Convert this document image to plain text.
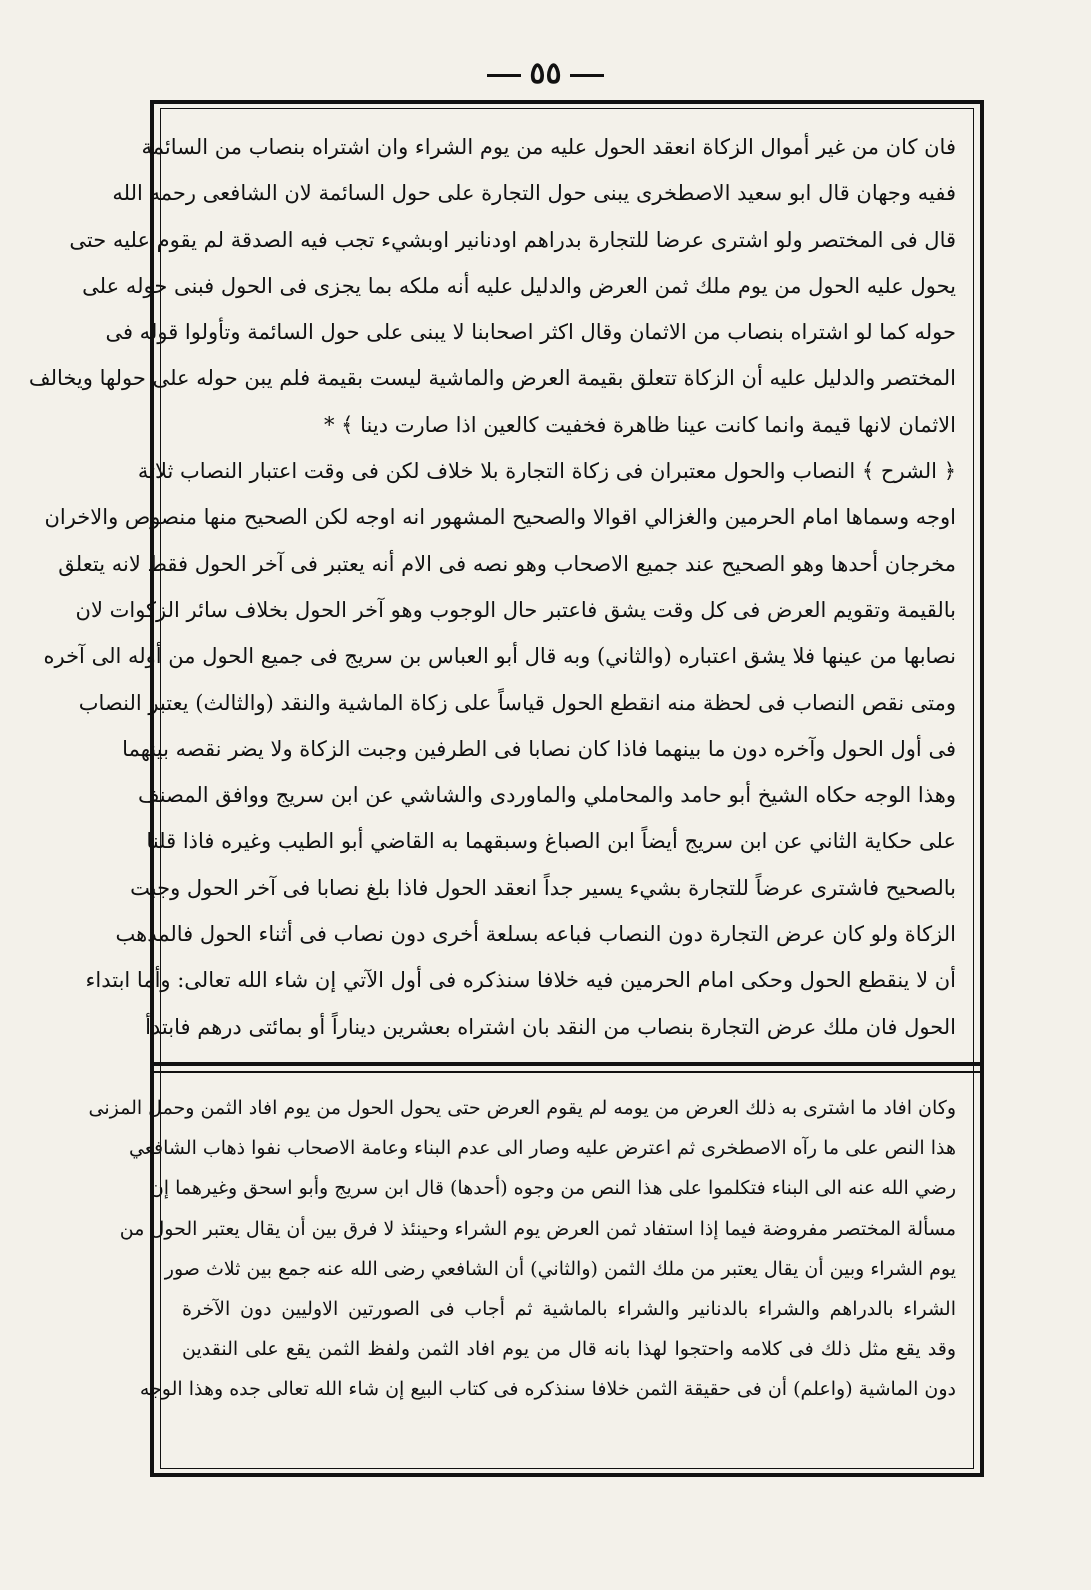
٥٥
فان كان من غير أموال الزكاة انعقد الحول عليه من يوم الشراء وان اشتراه بنصاب من السائمة
ففيه وجهان قال ابو سعيد الاصطخرى يبنى حول التجارة على حول السائمة لان الشافعى رحمه الله
قال فى المختصر ولو اشترى عرضا للتجارة بدراهم اودنانير اوبشيء تجب فيه الصدقة لم يقوم عليه حتى
يحول عليه الحول من يوم ملك ثمن العرض والدليل عليه أنه ملكه بما يجزى فى الحول فبنى حوله على
حوله كما لو اشتراه بنصاب من الاثمان وقال اكثر اصحابنا لا يبنى على حول السائمة وتأولوا قوله فى
المختصر والدليل عليه أن الزكاة تتعلق بقيمة العرض والماشية ليست بقيمة فلم يبن حوله على حولها ويخالف
الاثمان لانها قيمة وانما كانت عينا ظاهرة فخفيت كالعين اذا صارت دينا ﴾ *
﴿ الشرح ﴾ النصاب والحول معتبران فى زكاة التجارة بلا خلاف لكن فى وقت اعتبار النصاب ثلاثة
اوجه وسماها امام الحرمين والغزالي اقوالا والصحيح المشهور انه اوجه لكن الصحيح منها منصوص والاخران
مخرجان أحدها وهو الصحيح عند جميع الاصحاب وهو نصه فى الام أنه يعتبر فى آخر الحول فقط لانه يتعلق
بالقيمة وتقويم العرض فى كل وقت يشق فاعتبر حال الوجوب وهو آخر الحول بخلاف سائر الزكوات لان
نصابها من عينها فلا يشق اعتباره (والثاني) وبه قال أبو العباس بن سريج فى جميع الحول من أوله الى آخره
ومتى نقص النصاب فى لحظة منه انقطع الحول قياساً على زكاة الماشية والنقد (والثالث) يعتبر النصاب
فى أول الحول وآخره دون ما بينهما فاذا كان نصابا فى الطرفين وجبت الزكاة ولا يضر نقصه بينهما
وهذا الوجه حكاه الشيخ أبو حامد والمحاملي والماوردى والشاشي عن ابن سريج ووافق المصنف
على حكاية الثاني عن ابن سريج أيضاً ابن الصباغ وسبقهما به القاضي أبو الطيب وغيره فاذا قلنا
بالصحيح فاشترى عرضاً للتجارة بشيء يسير جداً انعقد الحول فاذا بلغ نصابا فى آخر الحول وجبت
الزكاة ولو كان عرض التجارة دون النصاب فباعه بسلعة أخرى دون نصاب فى أثناء الحول فالمذهب
أن لا ينقطع الحول وحكى امام الحرمين فيه خلافا سنذكره فى أول الآتي إن شاء الله تعالى: وأما ابتداء
الحول فان ملك عرض التجارة بنصاب من النقد بان اشتراه بعشرين ديناراً أو بمائتى درهم فابتدأ
وكان افاد ما اشترى به ذلك العرض من يومه لم يقوم العرض حتى يحول الحول من يوم افاد الثمن وحمل المزنى
هذا النص على ما رآه الاصطخرى ثم اعترض عليه وصار الى عدم البناء وعامة الاصحاب نفوا ذهاب الشافعي
رضي الله عنه الى البناء فتكلموا على هذا النص من وجوه (أحدها) قال ابن سريج وأبو اسحق وغيرهما إن
مسألة المختصر مفروضة فيما إذا استفاد ثمن العرض يوم الشراء وحينئذ لا فرق بين أن يقال يعتبر الحول من
يوم الشراء وبين أن يقال يعتبر من ملك الثمن (والثاني) أن الشافعي رضى الله عنه جمع بين ثلاث صور
الشراء بالدراهم والشراء بالدنانير والشراء بالماشية ثم أجاب فى الصورتين الاوليين دون الآخرة
وقد يقع مثل ذلك فى كلامه واحتجوا لهذا بانه قال من يوم افاد الثمن ولفظ الثمن يقع على النقدين
دون الماشية (واعلم) أن فى حقيقة الثمن خلافا سنذكره فى كتاب البيع إن شاء الله تعالى جده وهذا الوجه
